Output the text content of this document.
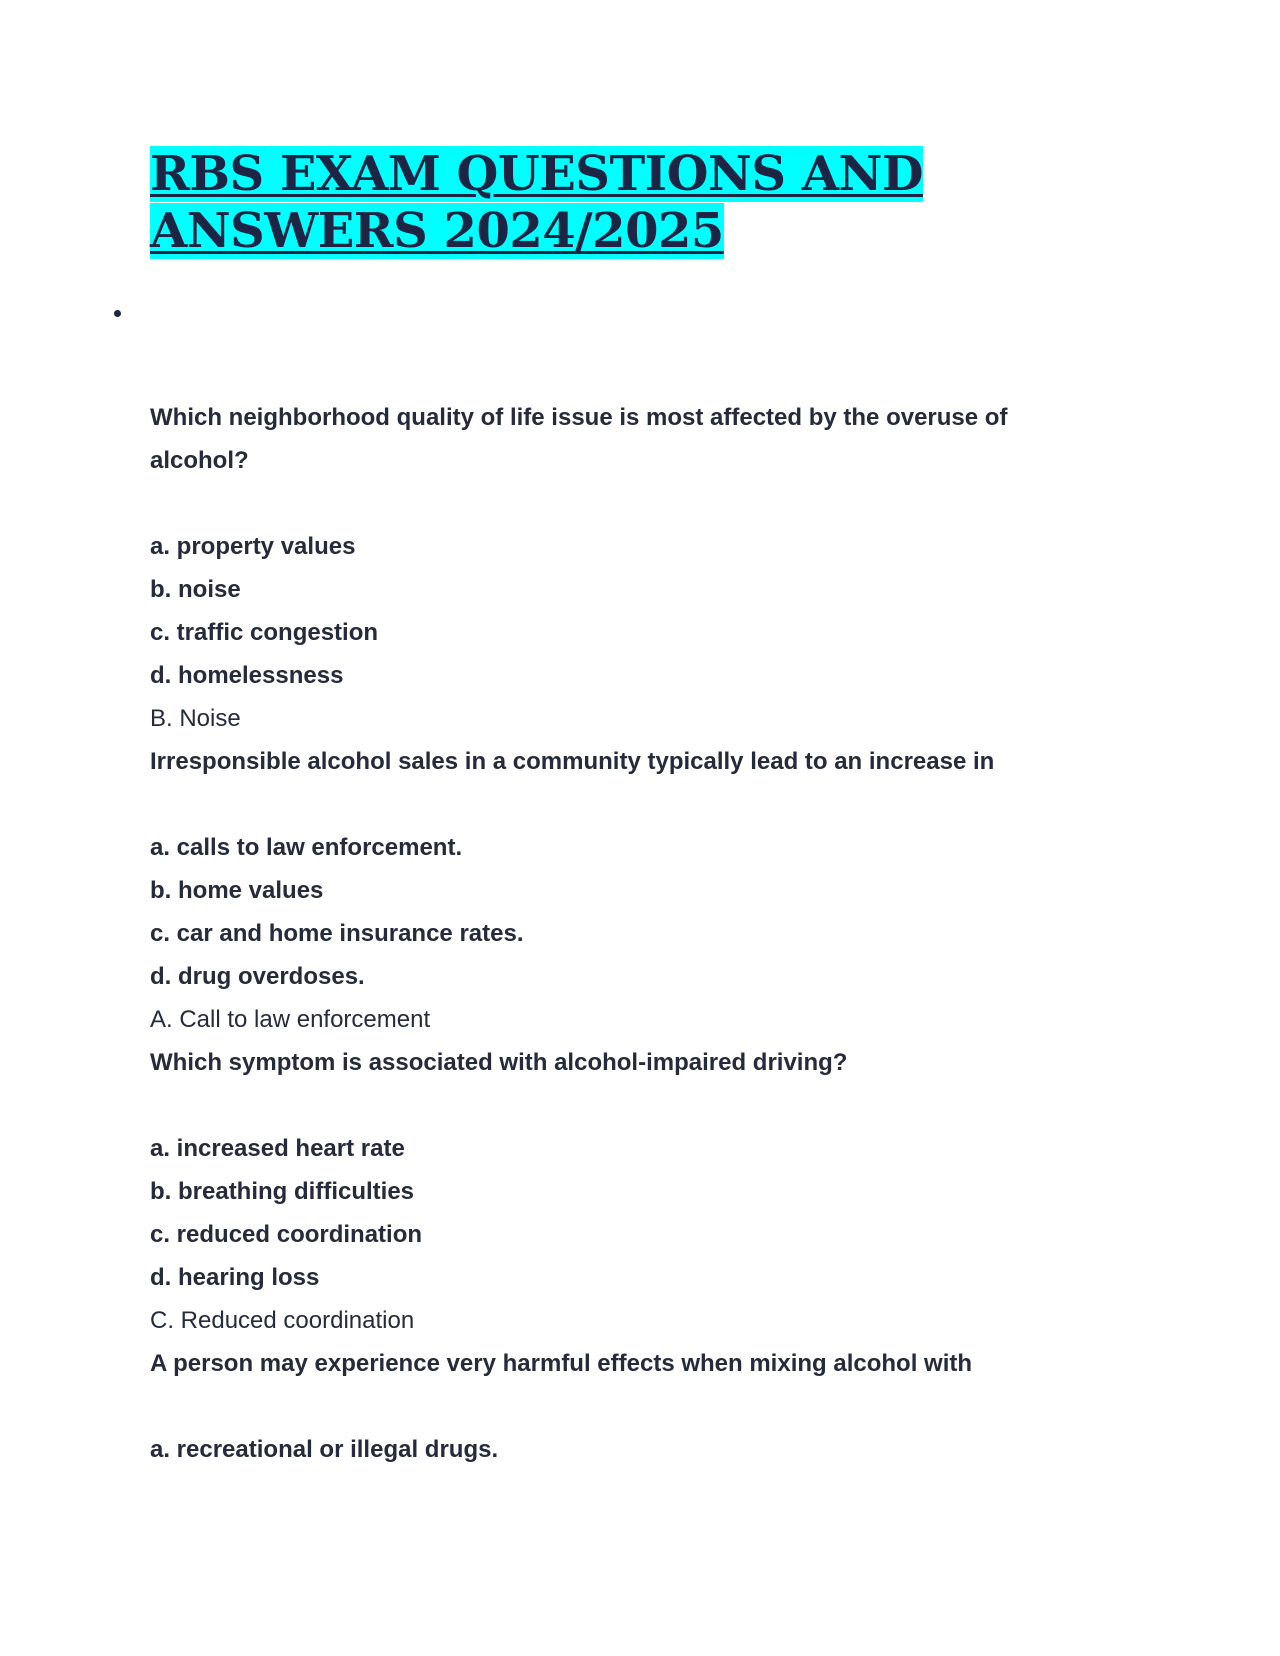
RBS EXAM QUESTIONS AND
ANSWERS 2024/2025

Which neighborhood quality of life issue is most affected by the overuse of alcohol?

a. property values
b. noise
c. traffic congestion
d. homelessness
B. Noise

Irresponsible alcohol sales in a community typically lead to an increase in

a. calls to law enforcement.
b. home values
c. car and home insurance rates.
d. drug overdoses.
A. Call to law enforcement

Which symptom is associated with alcohol-impaired driving?

a. increased heart rate
b. breathing difficulties
c. reduced coordination
d. hearing loss
C. Reduced coordination

A person may experience very harmful effects when mixing alcohol with

a. recreational or illegal drugs.
